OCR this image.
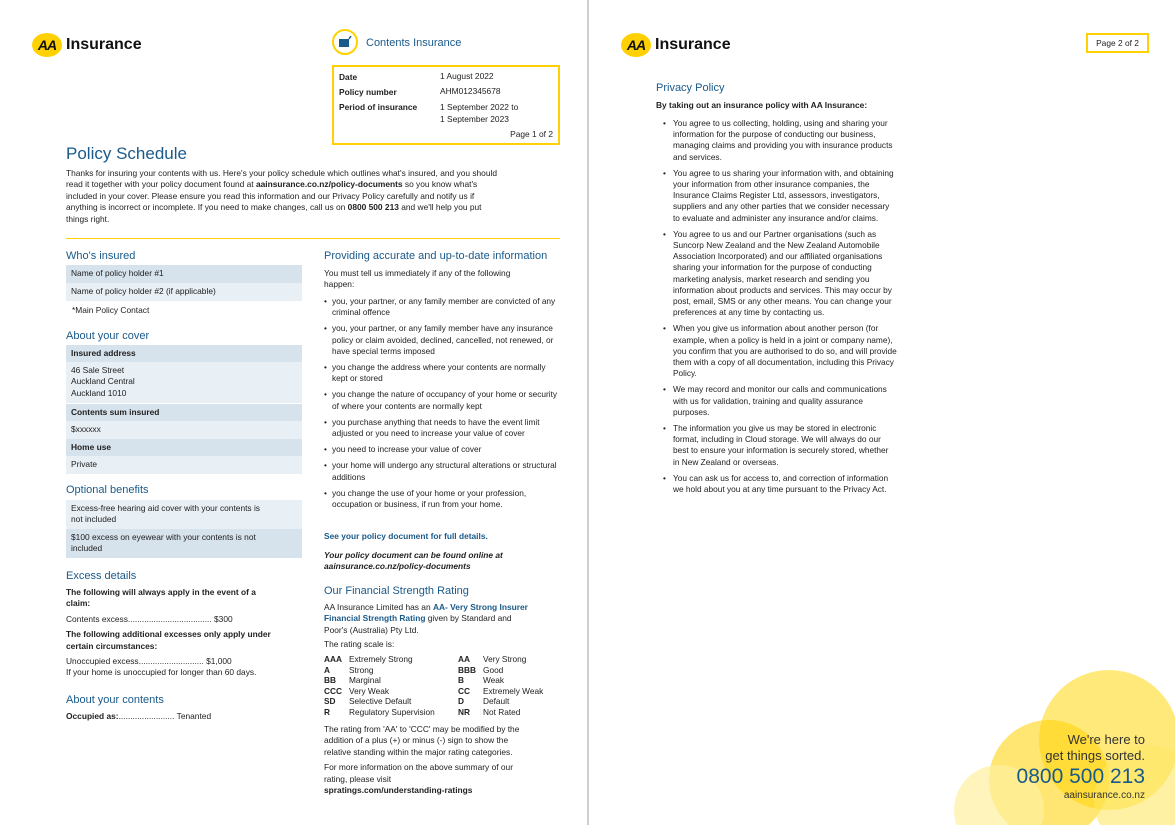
AA Insurance	Contents Insurance
Date	1 August 2022
Policy number	AHM012345678
Period of insurance	1 September 2022 to
1 September 2023
Page 1 of 2
Policy Schedule
Thanks for insuring your contents with us. Here's your policy schedule which outlines what's insured, and you should
read it together with your policy document found at aainsurance.co.nz/policy-documents so you know what's
included in your cover. Please ensure you read this information and our Privacy Policy carefully and notify us if
anything is incorrect or incomplete. If you need to make changes, call us on 0800 500 213 and we'll help you put
things right.
Who's insured
Name of policy holder #1
Name of policy holder #2 (if applicable)
*Main Policy Contact
About your cover
Insured address
46 Sale Street
Auckland Central
Auckland 1010
Contents sum insured
$xxxxxx
Home use
Private
Optional benefits
Excess-free hearing aid cover with your contents is
not included
$100 excess on eyewear with your contents is not
included
Excess details
The following will always apply in the event of a
claim:
Contents excess.................................... $300
The following additional excesses only apply under
certain circumstances:
Unoccupied excess............................ $1,000
If your home is unoccupied for longer than 60 days.
About your contents
Occupied as:........................ Tenanted
Providing accurate and up-to-date information
You must tell us immediately if any of the following
happen:
• you, your partner, or any family member are convicted of any criminal offence
• you, your partner, or any family member have any insurance policy or claim avoided, declined, cancelled, not renewed, or have special terms imposed
• you change the address where your contents are normally kept or stored
• you change the nature of occupancy of your home or security of where your contents are normally kept
• you purchase anything that needs to have the event limit adjusted or you need to increase your value of cover
• you need to increase your value of cover
• your home will undergo any structural alterations or structural additions
• you change the use of your home or your profession, occupation or business, if run from your home.
See your policy document for full details.
Your policy document can be found online at
aainsurance.co.nz/policy-documents
Our Financial Strength Rating
AA Insurance Limited has an AA- Very Strong Insurer
Financial Strength Rating given by Standard and
Poor's (Australia) Pty Ltd.
The rating scale is:
AAA	Extremely Strong
A	Strong
BB	Marginal
CCC	Very Weak
SD	Selective Default
R	Regulatory Supervision
AA	Very Strong
BBB	Good
B	Weak
CC	Extremely Weak
D	Default
NR	Not Rated
The rating from 'AA' to 'CCC' may be modified by the
addition of a plus (+) or minus (-) sign to show the
relative standing within the major rating categories.
For more information on the above summary of our
rating, please visit
spratings.com/understanding-ratings
AA Insurance	Page 2 of 2
Privacy Policy
By taking out an insurance policy with AA Insurance:
We're here to
get things sorted.
0800 500 213
aainsurance.co.nz
• You agree to us collecting, holding, using and sharing your information for the purpose of conducting our business, managing claims and providing you with insurance products and services.
• You agree to us sharing your information with, and obtaining your information from other insurance companies, the Insurance Claims Register Ltd, assessors, investigators, suppliers and any other parties that we consider necessary to evaluate and administer any insurance and/or claims.
• You agree to us and our Partner organisations (such as Suncorp New Zealand and the New Zealand Automobile Association Incorporated) and our affiliated organisations sharing your information for the purpose of conducting marketing analysis, market research and sending you information about products and services. This may occur by post, email, SMS or any other means. You can change your preferences at any time by contacting us.
• When you give us information about another person (for example, when a policy is held in a joint or company name), you confirm that you are authorised to do so, and will provide them with a copy of all documentation, including this Privacy Policy.
• We may record and monitor our calls and communications with us for validation, training and quality assurance purposes.
• The information you give us may be stored in electronic format, including in Cloud storage. We will always do our best to ensure your information is securely stored, whether in New Zealand or overseas.
• You can ask us for access to, and correction of information we hold about you at any time pursuant to the Privacy Act.
